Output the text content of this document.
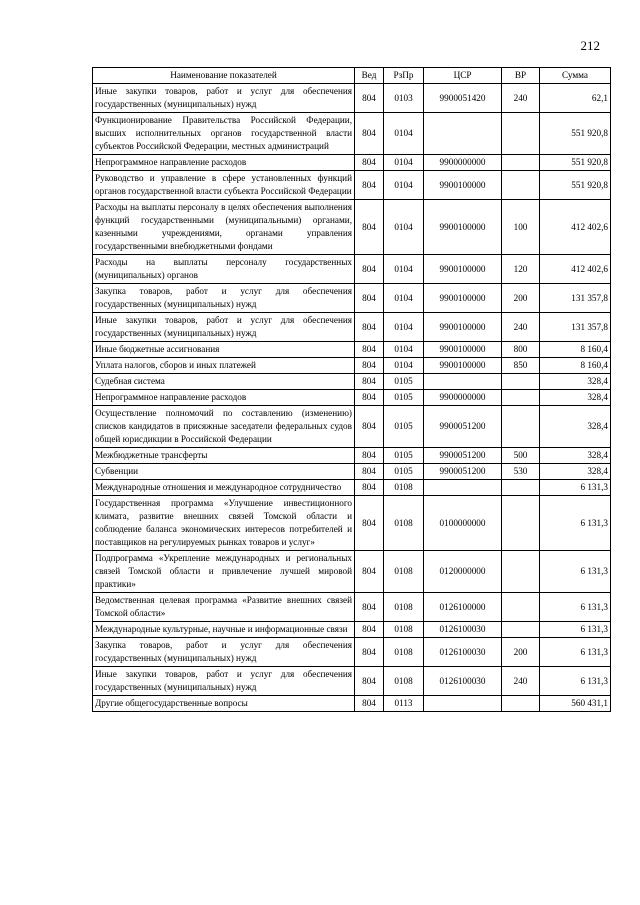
212
Наименование показателей	Вед	РзПр	ЦСР	ВР	Сумма
Иные закупки товаров, работ и услуг для обеспечения государственных (муниципальных) нужд	804	0103	9900051420	240	62,1
Функционирование Правительства Российской Федерации, высших исполнительных органов государственной власти субъектов Российской Федерации, местных администраций	804	0104			551 920,8
Непрограммное направление расходов	804	0104	9900000000		551 920,8
Руководство и управление в сфере установленных функций органов государственной власти субъекта Российской Федерации	804	0104	9900100000		551 920,8
Расходы на выплаты персоналу в целях обеспечения выполнения функций государственными (муниципальными) органами, казенными учреждениями, органами управления государственными внебюджетными фондами	804	0104	9900100000	100	412 402,6
Расходы на выплаты персоналу государственных (муниципальных) органов	804	0104	9900100000	120	412 402,6
Закупка товаров, работ и услуг для обеспечения государственных (муниципальных) нужд	804	0104	9900100000	200	131 357,8
Иные закупки товаров, работ и услуг для обеспечения государственных (муниципальных) нужд	804	0104	9900100000	240	131 357,8
Иные бюджетные ассигнования	804	0104	9900100000	800	8 160,4
Уплата налогов, сборов и иных платежей	804	0104	9900100000	850	8 160,4
Судебная система	804	0105			328,4
Непрограммное направление расходов	804	0105	9900000000		328,4
Осуществление полномочий по составлению (изменению) списков кандидатов в присяжные заседатели федеральных судов общей юрисдикции в Российской Федерации	804	0105	9900051200		328,4
Межбюджетные трансферты	804	0105	9900051200	500	328,4
Субвенции	804	0105	9900051200	530	328,4
Международные отношения и международное сотрудничество	804	0108			6 131,3
Государственная программа «Улучшение инвестиционного климата, развитие внешних связей Томской области и соблюдение баланса экономических интересов потребителей и поставщиков на регулируемых рынках товаров и услуг»	804	0108	0100000000		6 131,3
Подпрограмма «Укрепление международных и региональных связей Томской области и привлечение лучшей мировой практики»	804	0108	0120000000		6 131,3
Ведомственная целевая программа «Развитие внешних связей Томской области»	804	0108	0126100000		6 131,3
Международные культурные, научные и информационные связи	804	0108	0126100030		6 131,3
Закупка товаров, работ и услуг для обеспечения государственных (муниципальных) нужд	804	0108	0126100030	200	6 131,3
Иные закупки товаров, работ и услуг для обеспечения государственных (муниципальных) нужд	804	0108	0126100030	240	6 131,3
Другие общегосударственные вопросы	804	0113			560 431,1
